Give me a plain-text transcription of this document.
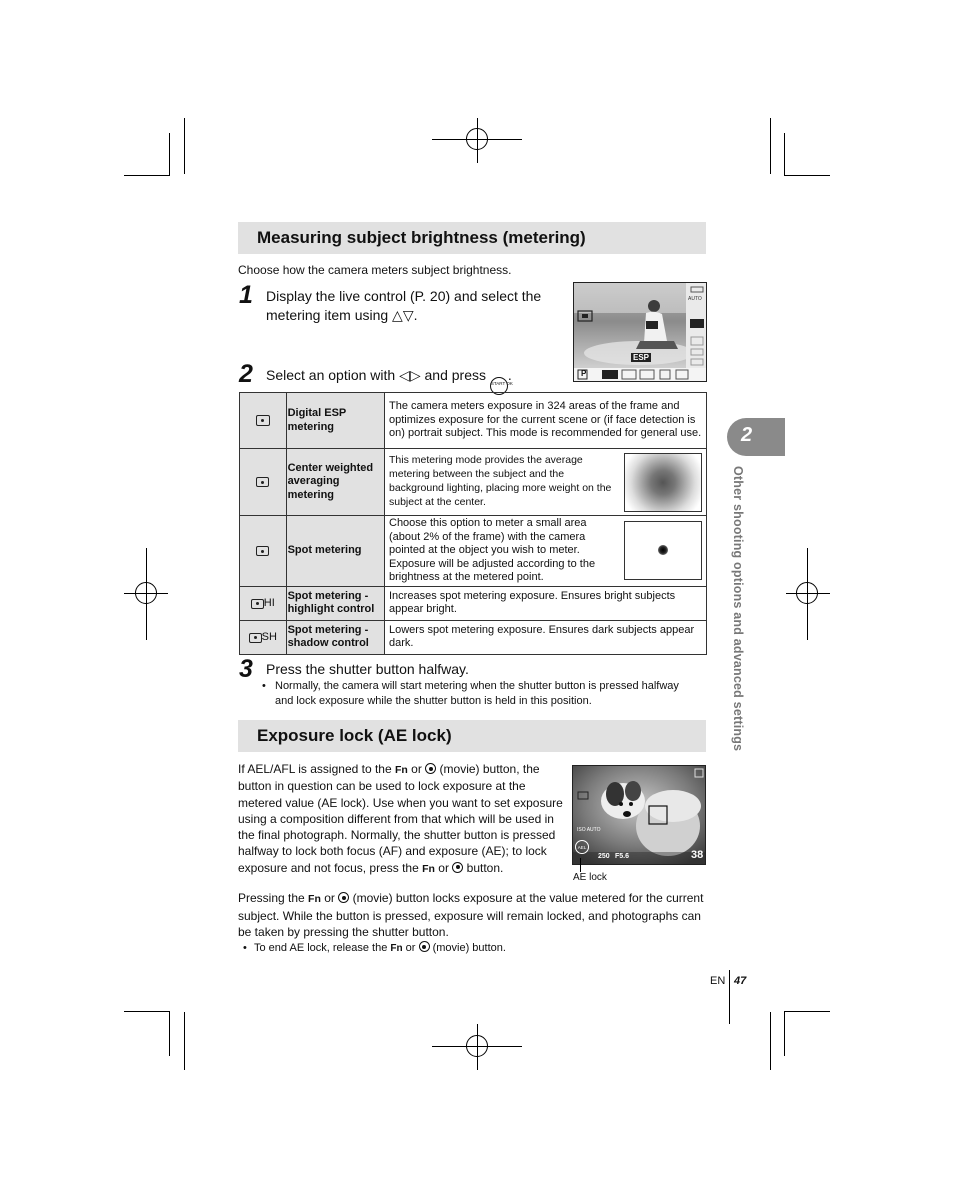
Measuring subject brightness (metering)
Choose how the camera meters subject brightness.
1 Display the live control (P. 20) and select the metering item using △▽.
P
ESP
AUTO
2 Select an option with ◁▷ and press START OK.

	Digital ESP metering	The camera meters exposure in 324 areas of the frame and optimizes exposure for the current scene or (if face detection is on) portrait subject. This mode is recommended for general use.

	Center weighted averaging metering	This metering mode provides the average metering between the subject and the background lighting, placing more weight on the subject at the center.

	Spot metering	Choose this option to meter a small area (about 2% of the frame) with the camera pointed at the object you wish to meter. Exposure will be adjusted according to the brightness at the metered point.

HI	Spot metering - highlight control	Increases spot metering exposure. Ensures bright subjects appear bright.
SH	Spot metering - shadow control	Lowers spot metering exposure. Ensures dark subjects appear dark.
3 Press the shutter button halfway.
• Normally, the camera will start metering when the shutter button is pressed halfway and lock exposure while the shutter button is held in this position.
Exposure lock (AE lock)
If AEL/AFL is assigned to the Fn or (movie) button, the button in question can be used to lock exposure at the metered value (AE lock). Use when you want to set exposure using a composition different from that which will be used in the final photograph. Normally, the shutter button is pressed halfway to lock both focus (AF) and exposure (AE); to lock exposure and not focus, press the Fn or button.
ISO AUTO
AEL
250 F5.6	38
AE lock
Pressing the Fn or (movie) button locks exposure at the value metered for the current subject. While the button is pressed, exposure will remain locked, and photographs can be taken by pressing the shutter button.
• To end AE lock, release the Fn or (movie) button.
2
Other shooting options and advanced settings
EN 47
